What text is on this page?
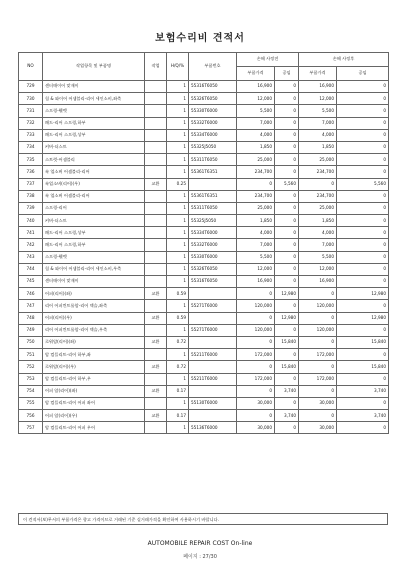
보험수리비 견적서
NO	작업항목 및 부품명	작업	H/Q/%	부품번호	손해 사정전		손해 사정후	
					부품가격	공임	부품가격	공임
729	센터매이어 맞재이		1	55316T6050	16,900	0	16,900	0
730	힘 & 와이어 어셈블리-리어 세인소비,좌측		1	55326T6050	12,000	0	12,000	0
731	스프링-웰벳		1	55330T6000	5,500	0	5,500	0
732	패드-리어 스프링,하부		1	55332T6000	7,000	0	7,000	0
733	패드-리어 스프링,상부		1	55334T6000	4,000	0	4,000	0
734	커버-더스트		1	55325J5050	1,850	0	1,850	0
735	스트럿-어셈블리		1	55311T6050	25,000	0	25,000	0
736	쇽 업소버 어셈블리-리어		1	55361T6351	234,700	0	234,700	0
737	쇽업소버(리어)(우)	교환	0.25		0	5,560	0	5,560
738	쇽 업소버 어셈블리-리어		1	55361T6351	234,700	0	234,700	0
739	스프링-리어		1	55311T6050	25,000	0	25,000	0
740	커버-더스트		1	55325J5050	1,850	0	1,850	0
741	패드-리어 스프링,상부		1	55334T6000	4,000	0	4,000	0
742	패드-리어 스프링,하부		1	55332T6000	7,000	0	7,000	0
743	스프링-웰벳		1	55330T6000	5,500	0	5,500	0
744	힘 & 와이어 어셈블리-리어 세인소비,우측		1	55326T6050	12,000	0	12,000	0
745	센터매이어 맞재이		1	55316T6050	16,900	0	16,900	0
746	어퍼(리어)(좌)	교환	0.59		0	12,980	0	12,980
747	리어 어퍼컨트롤암-리어 액슬,좌측		1	55271T6000	120,000	0	120,000	0
748	어퍼(리어)(우)	교환	0.59		0	12,980	0	12,980
749	리어 어퍼컨트롤암-리어 액슬,우측		1	55271T6000	120,000	0	120,000	0
750	로워암(리어)(좌)	교환	0.72		0	15,840	0	15,840
751	암 컴플리트-리어 하부,좌		1	55211T6000	172,000	0	172,000	0
752	로워암(리어)(우)	교환	0.72		0	15,840	0	15,840
753	암 컴플리트-리어 하부,우		1	55211T6000	172,000	0	172,000	0
754	어퍼 암(리어)(좌)	교환	0.17		0	3,740	0	3,740
755	암 컴플리트-리어 어퍼 좌어		1	55130T6000	30,000	0	30,000	0
756	어퍼 암(리어)(우)	교환	0.17		0	3,740	0	3,740
757	암 컴플리트-리어 어퍼 우어		1	55136T6000	30,000	0	30,000	0
이 견적서(보)무서의 부품가격은 향고 가격이므로 거래된 기준 실거래가격을 확인하여 사용하시기 바랍니다.
AUTOMOBILE REPAIR COST On-line
페이지 : 27/30
